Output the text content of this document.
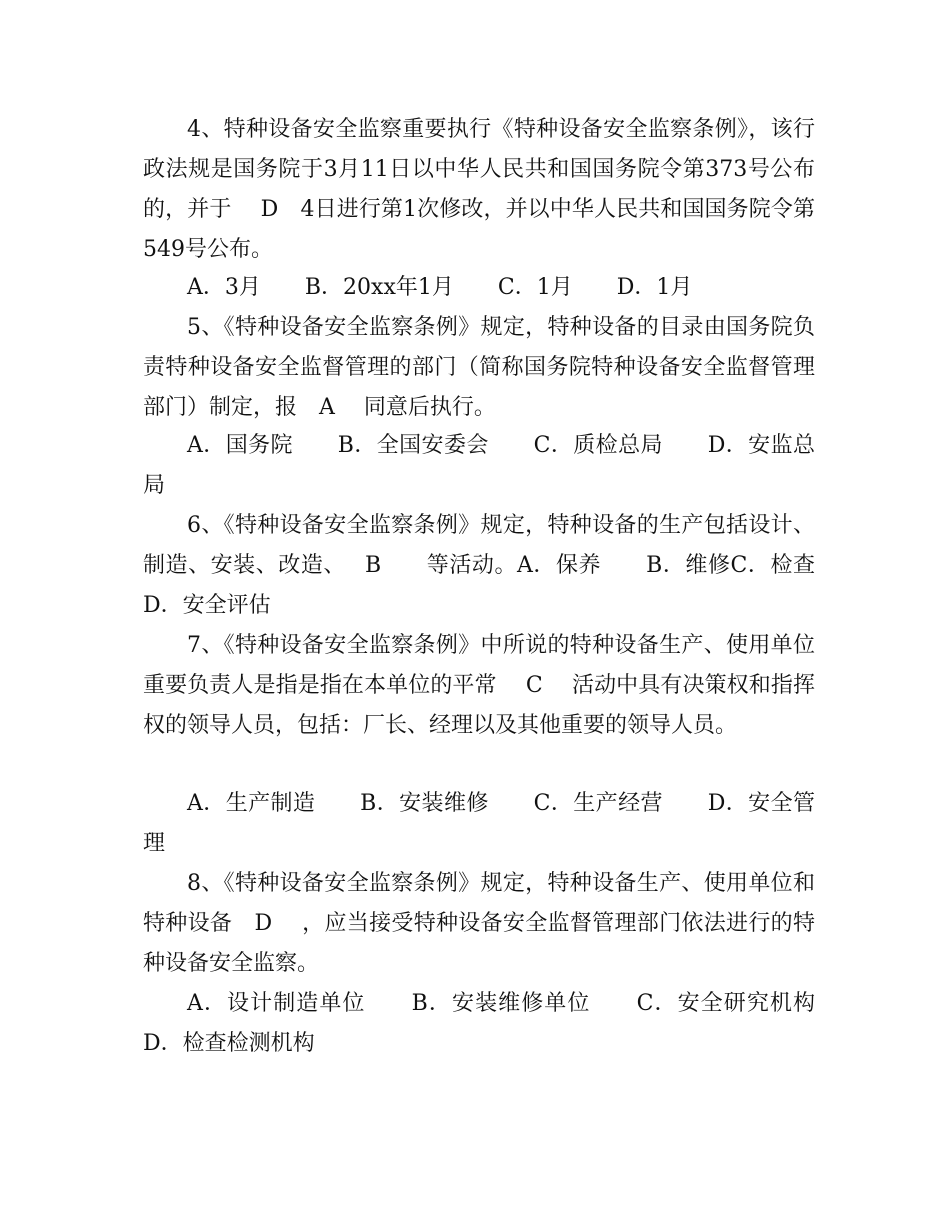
4、特种设备安全监察重要执行《特种设备安全监察条例》，该行政法规是国务院于3月11日以中华人民共和国国务院令第373号公布的，并于　 D　4日进行第1次修改，并以中华人民共和国国务院令第549号公布。
A．3月　　B．20xx年1月　　C．1月　　D．1月
5、《特种设备安全监察条例》规定，特种设备的目录由国务院负责特种设备安全监督管理的部门（简称国务院特种设备安全监督管理部门）制定，报　A　 同意后执行。
A．国务院　　B．全国安委会　　C．质检总局　　D．安监总局
6、《特种设备安全监察条例》规定，特种设备的生产包括设计、制造、安装、改造、　 B　　等活动。A．保养　　B．维修C．检查　　D．安全评估
7、《特种设备安全监察条例》中所说的特种设备生产、使用单位重要负责人是指是指在本单位的平常　 C　 活动中具有决策权和指挥权的领导人员，包括：厂长、经理以及其他重要的领导人员。
A．生产制造　　B．安装维修　　C．生产经营　　D．安全管理
8、《特种设备安全监察条例》规定，特种设备生产、使用单位和特种设备　D　 ，应当接受特种设备安全监督管理部门依法进行的特种设备安全监察。
A．设计制造单位　　B．安装维修单位　　C．安全研究机构D．检查检测机构
